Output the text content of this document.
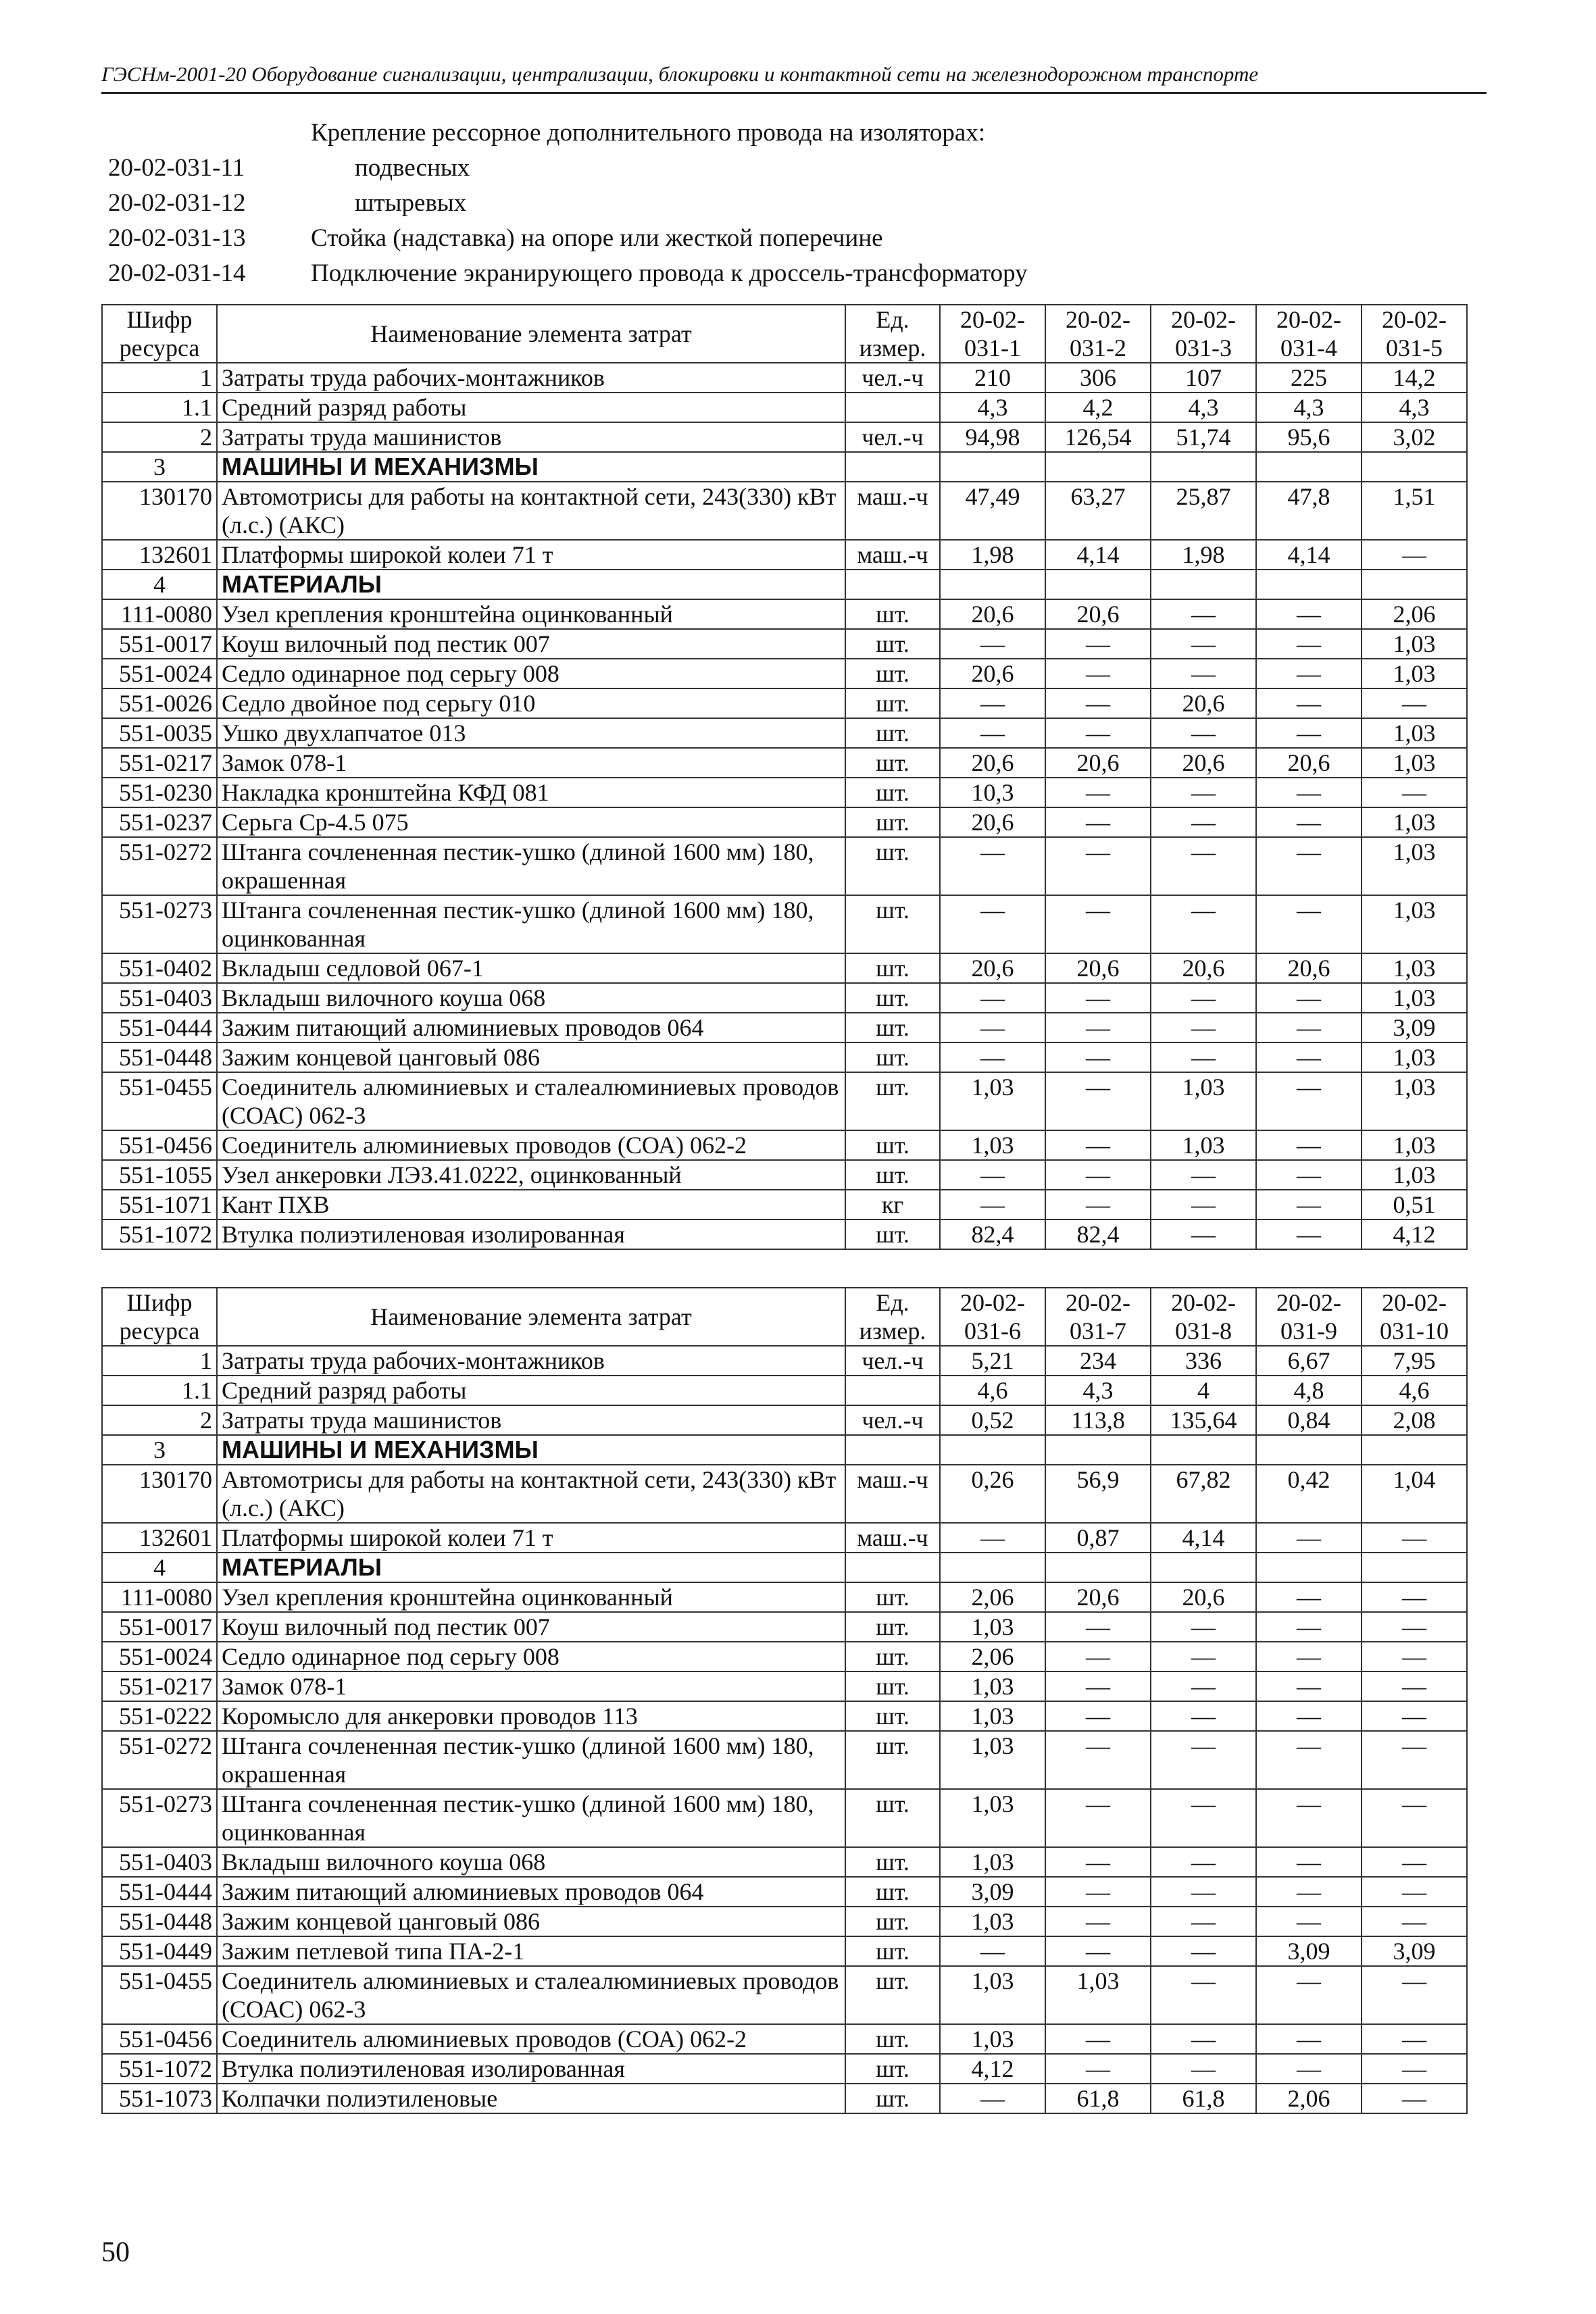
ГЭСНм-2001-20 Оборудование сигнализации, централизации, блокировки и контактной сети на железнодорожном транспорте
Крепление рессорное дополнительного провода на изоляторах:
20-02-031-11	подвесных
20-02-031-12	штыревых
20-02-031-13	Стойка (надставка) на опоре или жесткой поперечине
20-02-031-14	Подключение экранирующего провода к дроссель-трансформатору
Шифр ресурса	Наименование элемента затрат	Ед. измер.	20-02-031-1	20-02-031-2	20-02-031-3	20-02-031-4	20-02-031-5
1	Затраты труда рабочих-монтажников	чел.-ч	210	306	107	225	14,2
1.1	Средний разряд работы		4,3	4,2	4,3	4,3	4,3
2	Затраты труда машинистов	чел.-ч	94,98	126,54	51,74	95,6	3,02
3	МАШИНЫ И МЕХАНИЗМЫ						
130170	Автомотрисы для работы на контактной сети, 243(330) кВт (л.с.) (АКС)	маш.-ч	47,49	63,27	25,87	47,8	1,51
132601	Платформы широкой колеи 71 т	маш.-ч	1,98	4,14	1,98	4,14	—
4	МАТЕРИАЛЫ						
111-0080	Узел крепления кронштейна оцинкованный	шт.	20,6	20,6	—	—	2,06
551-0017	Коуш вилочный под пестик 007	шт.	—	—	—	—	1,03
551-0024	Седло одинарное под серьгу 008	шт.	20,6	—	—	—	1,03
551-0026	Седло двойное под серьгу 010	шт.	—	—	20,6	—	—
551-0035	Ушко двухлапчатое 013	шт.	—	—	—	—	1,03
551-0217	Замок 078-1	шт.	20,6	20,6	20,6	20,6	1,03
551-0230	Накладка кронштейна КФД 081	шт.	10,3	—	—	—	—
551-0237	Серьга Ср-4.5 075	шт.	20,6	—	—	—	1,03
551-0272	Штанга сочлененная пестик-ушко (длиной 1600 мм) 180, окрашенная	шт.	—	—	—	—	1,03
551-0273	Штанга сочлененная пестик-ушко (длиной 1600 мм) 180, оцинкованная	шт.	—	—	—	—	1,03
551-0402	Вкладыш седловой 067-1	шт.	20,6	20,6	20,6	20,6	1,03
551-0403	Вкладыш вилочного коуша 068	шт.	—	—	—	—	1,03
551-0444	Зажим питающий алюминиевых проводов 064	шт.	—	—	—	—	3,09
551-0448	Зажим концевой цанговый 086	шт.	—	—	—	—	1,03
551-0455	Соединитель алюминиевых и сталеалюминиевых проводов (СОАС) 062-3	шт.	1,03	—	1,03	—	1,03
551-0456	Соединитель алюминиевых проводов (СОА) 062-2	шт.	1,03	—	1,03	—	1,03
551-1055	Узел анкеровки ЛЭЗ.41.0222, оцинкованный	шт.	—	—	—	—	1,03
551-1071	Кант ПХВ	кг	—	—	—	—	0,51
551-1072	Втулка полиэтиленовая изолированная	шт.	82,4	82,4	—	—	4,12
Шифр ресурса	Наименование элемента затрат	Ед. измер.	20-02-031-6	20-02-031-7	20-02-031-8	20-02-031-9	20-02-031-10
1	Затраты труда рабочих-монтажников	чел.-ч	5,21	234	336	6,67	7,95
1.1	Средний разряд работы		4,6	4,3	4	4,8	4,6
2	Затраты труда машинистов	чел.-ч	0,52	113,8	135,64	0,84	2,08
3	МАШИНЫ И МЕХАНИЗМЫ						
130170	Автомотрисы для работы на контактной сети, 243(330) кВт (л.с.) (АКС)	маш.-ч	0,26	56,9	67,82	0,42	1,04
132601	Платформы широкой колеи 71 т	маш.-ч	—	0,87	4,14	—	—
4	МАТЕРИАЛЫ						
111-0080	Узел крепления кронштейна оцинкованный	шт.	2,06	20,6	20,6	—	—
551-0017	Коуш вилочный под пестик 007	шт.	1,03	—	—	—	—
551-0024	Седло одинарное под серьгу 008	шт.	2,06	—	—	—	—
551-0217	Замок 078-1	шт.	1,03	—	—	—	—
551-0222	Коромысло для анкеровки проводов 113	шт.	1,03	—	—	—	—
551-0272	Штанга сочлененная пестик-ушко (длиной 1600 мм) 180, окрашенная	шт.	1,03	—	—	—	—
551-0273	Штанга сочлененная пестик-ушко (длиной 1600 мм) 180, оцинкованная	шт.	1,03	—	—	—	—
551-0403	Вкладыш вилочного коуша 068	шт.	1,03	—	—	—	—
551-0444	Зажим питающий алюминиевых проводов 064	шт.	3,09	—	—	—	—
551-0448	Зажим концевой цанговый 086	шт.	1,03	—	—	—	—
551-0449	Зажим петлевой типа ПА-2-1	шт.	—	—	—	3,09	3,09
551-0455	Соединитель алюминиевых и сталеалюминиевых проводов (СОАС) 062-3	шт.	1,03	1,03	—	—	—
551-0456	Соединитель алюминиевых проводов (СОА) 062-2	шт.	1,03	—	—	—	—
551-1072	Втулка полиэтиленовая изолированная	шт.	4,12	—	—	—	—
551-1073	Колпачки полиэтиленовые	шт.	—	61,8	61,8	2,06	—
50
